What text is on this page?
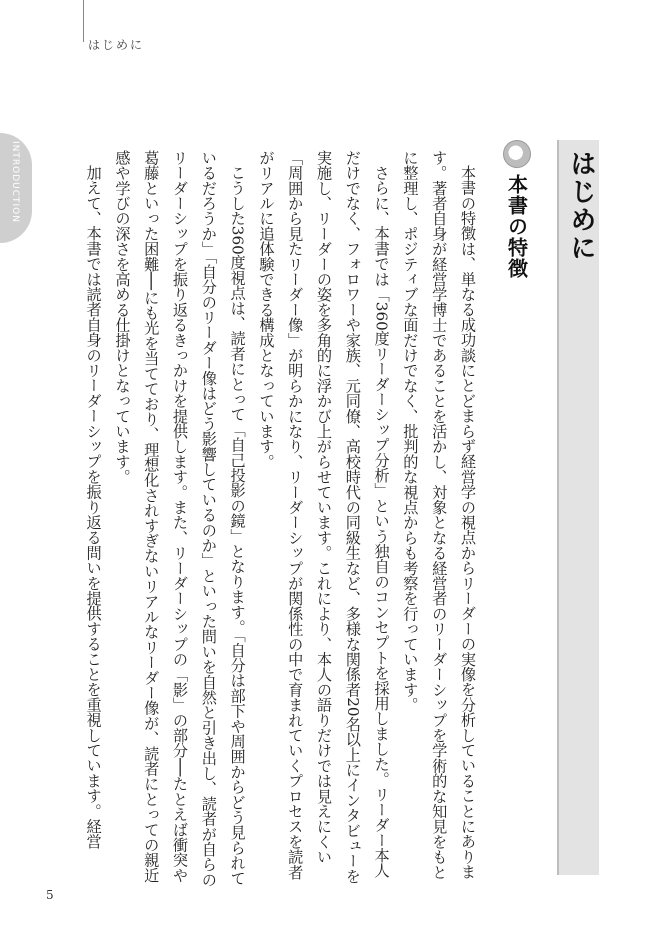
はじめに
INTRODUCTION	はじめに
本書の特徴

本書の特徴は、単なる成功談にとどまらず経営学の視点からリーダーの実像を分析していることにあります。著者自身が経営学博士であることを活かし、対象となる経営者のリーダーシップを学術的な知見をもとに整理し、ポジティブな面だけでなく、批判的な視点からも考察を行っています。

さらに、本書では「360度リーダーシップ分析」という独自のコンセプトを採用しました。リーダー本人だけでなく、フォロワーや家族、元同僚、高校時代の同級生など、多様な関係者20名以上にインタビューを実施し、リーダーの姿を多角的に浮かび上がらせています。これにより、本人の語りだけでは見えにくい「周囲から見たリーダー像」が明らかになり、リーダーシップが関係性の中で育まれていくプロセスを読者がリアルに追体験できる構成となっています。

こうした360度視点は、読者にとって「自己投影の鏡」となります。「自分は部下や周囲からどう見られているだろうか」「自分のリーダー像はどう影響しているのか」といった問いを自然と引き出し、読者が自らのリーダーシップを振り返るきっかけを提供します。また、リーダーシップの「影」の部分──たとえば衝突や葛藤といった困難──にも光を当てており、理想化されすぎないリアルなリーダー像が、読者にとっての親近感や学びの深さを高める仕掛けとなっています。

加えて、本書では読者自身のリーダーシップを振り返る問いを提供することを重視しています。経営

5
